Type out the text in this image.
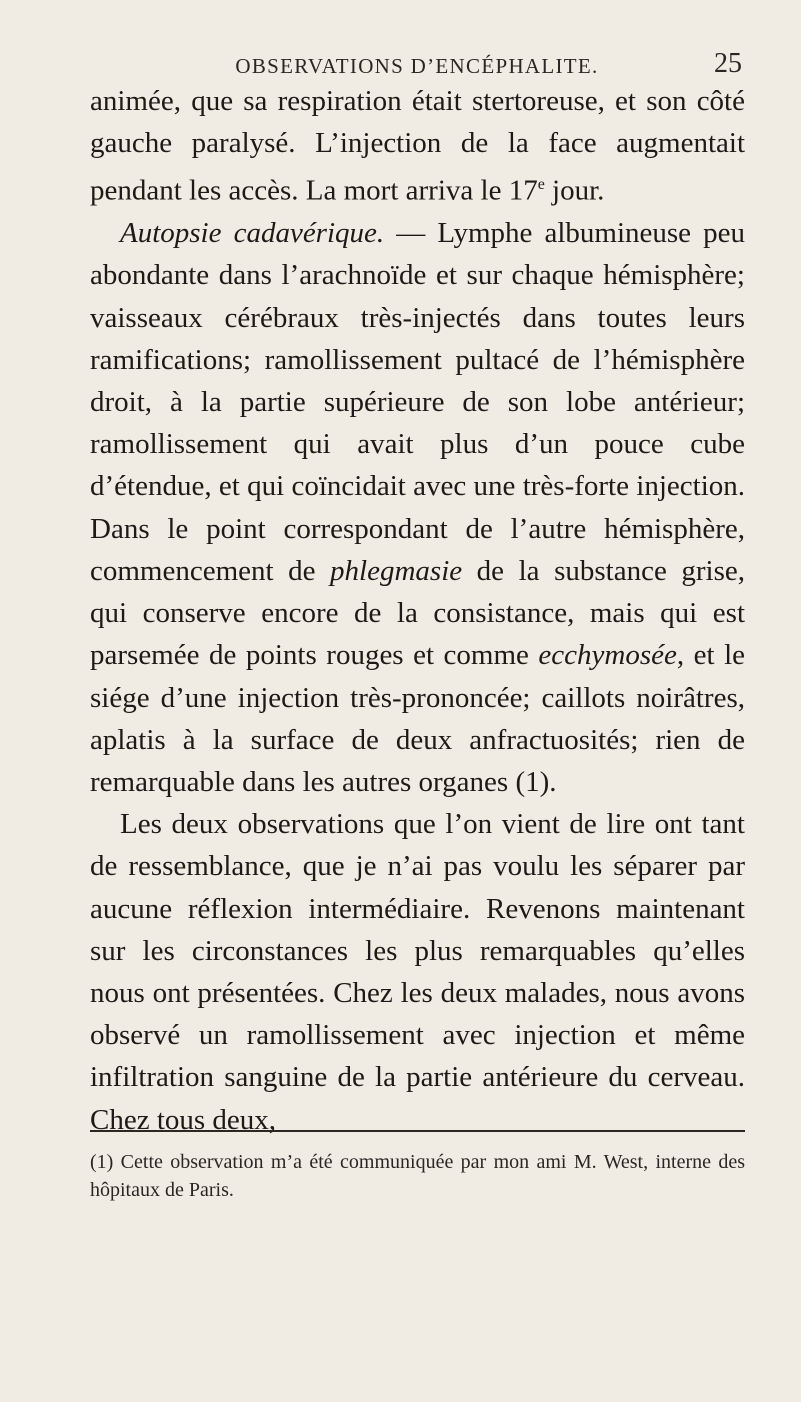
OBSERVATIONS D’ENCÉPHALITE.	25

animée, que sa respiration était stertoreuse, et son côté gauche paralysé. L’injection de la face augmentait pendant les accès. La mort arriva le 17e jour.

Autopsie cadavérique. — Lymphe albumineuse peu abondante dans l’arachnoïde et sur chaque hémisphère; vaisseaux cérébraux très-injectés dans toutes leurs ramifications; ramollissement pultacé de l’hémisphère droit, à la partie supérieure de son lobe antérieur; ramollissement qui avait plus d’un pouce cube d’étendue, et qui coïncidait avec une très-forte injection. Dans le point correspondant de l’autre hémisphère, commencement de phlegmasie de la substance grise, qui conserve encore de la consistance, mais qui est parsemée de points rouges et comme ecchymosée, et le siége d’une injection très-prononcée; caillots noirâtres, aplatis à la surface de deux anfractuosités; rien de remarquable dans les autres organes (1).

Les deux observations que l’on vient de lire ont tant de ressemblance, que je n’ai pas voulu les séparer par aucune réflexion intermédiaire. Revenons maintenant sur les circonstances les plus remarquables qu’elles nous ont présentées. Chez les deux malades, nous avons observé un ramollissement avec injection et même infiltration sanguine de la partie antérieure du cerveau. Chez tous deux,

(1) Cette observation m’a été communiquée par mon ami M. West, interne des hôpitaux de Paris.
